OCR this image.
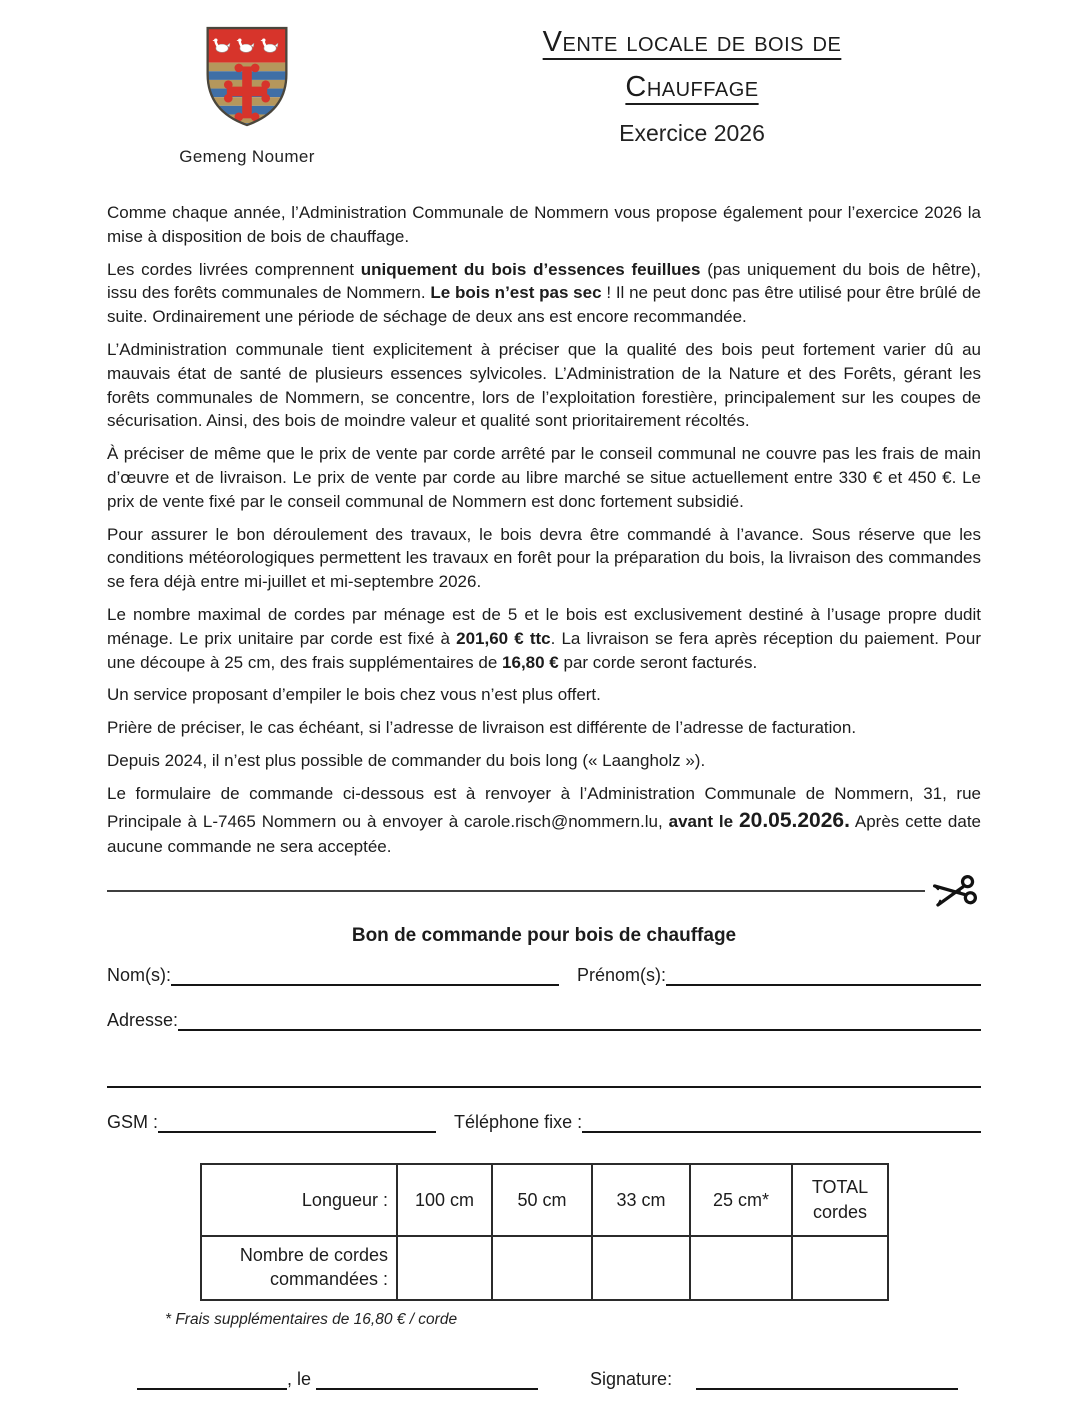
Gemeng Noumer
Vente locale de bois de
Chauffage
Exercice 2026

Comme chaque année, l’Administration Communale de Nommern vous propose également pour l’exercice 2026 la mise à disposition de bois de chauffage.

Les cordes livrées comprennent uniquement du bois d’essences feuillues (pas uniquement du bois de hêtre), issu des forêts communales de Nommern. Le bois n’est pas sec ! Il ne peut donc pas être utilisé pour être brûlé de suite. Ordinairement une période de séchage de deux ans est encore recommandée.

L’Administration communale tient explicitement à préciser que la qualité des bois peut fortement varier dû au mauvais état de santé de plusieurs essences sylvicoles. L’Administration de la Nature et des Forêts, gérant les forêts communales de Nommern, se concentre, lors de l’exploitation forestière, principalement sur les coupes de sécurisation. Ainsi, des bois de moindre valeur et qualité sont prioritairement récoltés.

À préciser de même que le prix de vente par corde arrêté par le conseil communal ne couvre pas les frais de main d’œuvre et de livraison. Le prix de vente par corde au libre marché se situe actuellement entre 330 € et 450 €. Le prix de vente fixé par le conseil communal de Nommern est donc fortement subsidié.

Pour assurer le bon déroulement des travaux, le bois devra être commandé à l’avance. Sous réserve que les conditions météorologiques permettent les travaux en forêt pour la préparation du bois, la livraison des commandes se fera déjà entre mi-juillet et mi-septembre 2026.

Le nombre maximal de cordes par ménage est de 5 et le bois est exclusivement destiné à l’usage propre dudit ménage. Le prix unitaire par corde est fixé à 201,60 € ttc. La livraison se fera après réception du paiement. Pour une découpe à 25 cm, des frais supplémentaires de 16,80 € par corde seront facturés.

Un service proposant d’empiler le bois chez vous n’est plus offert.

Prière de préciser, le cas échéant, si l’adresse de livraison est différente de l’adresse de facturation.

Depuis 2024, il n’est plus possible de commander du bois long (« Laangholz »).

Le formulaire de commande ci-dessous est à renvoyer à l’Administration Communale de Nommern, 31, rue Principale à L-7465 Nommern ou à envoyer à carole.risch@nommern.lu, avant le 20.05.2026. Après cette date aucune commande ne sera acceptée.

Bon de commande pour bois de chauffage
Nom(s):	Prénom(s):
Adresse:
GSM :	Téléphone fixe :
Longueur :	100 cm	50 cm	33 cm	25 cm*	TOTAL cordes
Nombre de cordes commandées :					
* Frais supplémentaires de 16,80 € / corde
, le	Signature:
